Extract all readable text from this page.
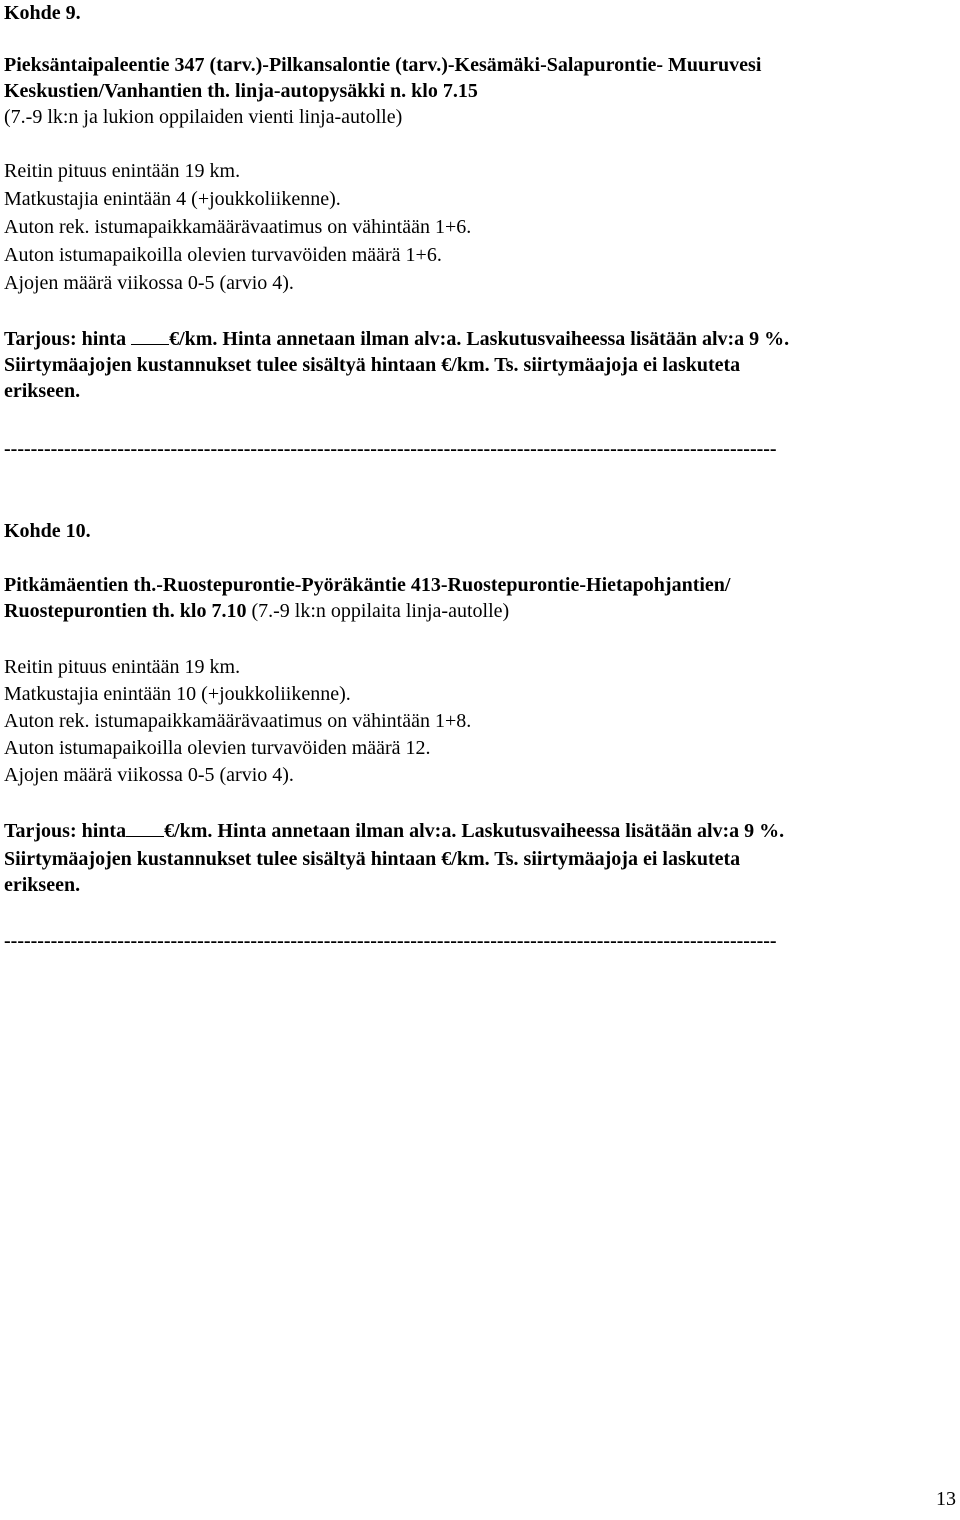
Kohde 9.
Pieksäntaipaleentie 347 (tarv.)-Pilkansalontie (tarv.)-Kesämäki-Salapurontie- Muuruvesi
Keskustien/Vanhantien th. linja-autopysäkki n. klo 7.15
(7.-9 lk:n ja lukion oppilaiden vienti linja-autolle)
Reitin pituus enintään 19 km.
Matkustajia enintään 4 (+joukkoliikenne).
Auton rek. istumapaikkamäärävaatimus on vähintään 1+6.
Auton istumapaikoilla olevien turvavöiden määrä 1+6.
Ajojen määrä viikossa 0-5 (arvio 4).
Tarjous: hinta €/km. Hinta annetaan ilman alv:a. Laskutusvaiheessa lisätään alv:a 9 %.
Siirtymäajojen kustannukset tulee sisältyä hintaan €/km. Ts. siirtymäajoja ei laskuteta
erikseen.
--------------------------------------------------------------------------------------------------------------------
Kohde 10.
Pitkämäentien th.-Ruostepurontie-Pyöräkäntie 413-Ruostepurontie-Hietapohjantien/
Ruostepurontien th. klo 7.10 (7.-9 lk:n oppilaita linja-autolle)
Reitin pituus enintään 19 km.
Matkustajia enintään 10 (+joukkoliikenne).
Auton rek. istumapaikkamäärävaatimus on vähintään 1+8.
Auton istumapaikoilla olevien turvavöiden määrä 12.
Ajojen määrä viikossa 0-5 (arvio 4).
Tarjous: hinta €/km. Hinta annetaan ilman alv:a. Laskutusvaiheessa lisätään alv:a 9 %.
Siirtymäajojen kustannukset tulee sisältyä hintaan €/km. Ts. siirtymäajoja ei laskuteta
erikseen.
--------------------------------------------------------------------------------------------------------------------
13
